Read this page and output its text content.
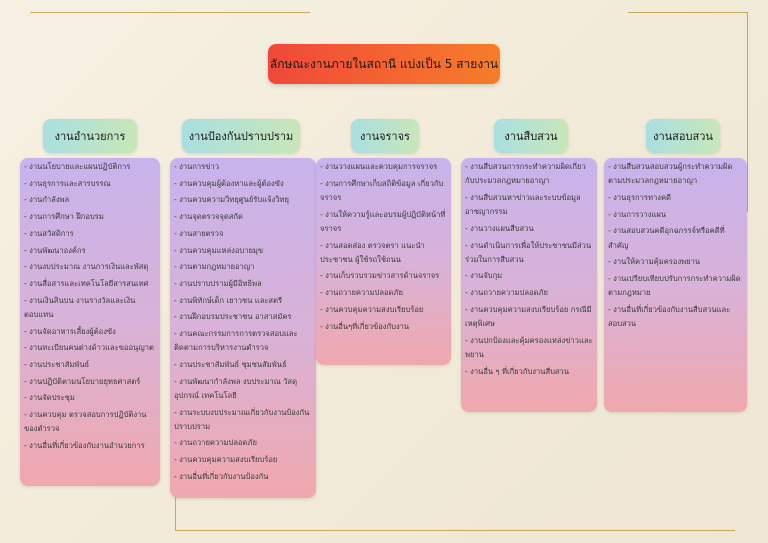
ลักษณะงานภายในสถานี แบ่งเป็น 5 สายงาน
งานอำนวยการ	งานป้องกันปราบปราม	งานจราจร	งานสืบสวน	งานสอบสวน
- งานนโยบายและแผนปฏิบัติการ
- งานธุรการและสารบรรณ
- งานกำลังพล
- งานการศึกษา ฝึกอบรม
- งานสวัสดิการ
- งานพัฒนาองค์กร
- งานงบประมาณ งานการเงินและพัสดุ
- งานสื่อสารและเทคโนโลยีสารสนเทศ
- งานเงินสินบน งานรางวัลและเงินตอบแทน
- งานจัดอาหารเลี้ยงผู้ต้องขัง
- งานทะเบียนคนต่างด้าวและขออนุญาต
- งานประชาสัมพันธ์
- งานปฏิบัติตามนโยบายยุทธศาสตร์
- งานจัดประชุม
- งานควบคุม ตรวจสอบการปฏิบัติงานของตำรวจ
- งานอื่นที่เกี่ยวข้องกับงานอำนวยการ
- งานการข่าว
- งานควบคุมผู้ต้องหาและผู้ต้องขัง
- งานควบความวิทยุศูนย์รับแจ้งวิทยุ
- งานจุดตรวจจุดสกัด
- งานสายตรวจ
- งานควบคุมแหล่งอบายมุข
- งานตามกฎหมายอาญา
- งานปราบปรามผู้มีอิทธิพล
- งานพิทักษ์เด็ก เยาวชน และสตรี
- งานฝึกอบรมประชาชน อาสาสมัคร
- งานคณะกรรมการการตรวจสอบและติดตามการบริหารงานตำรวจ
- งานประชาสัมพันธ์ ชุมชนสัมพันธ์
- งานพัฒนากำลังพล งบประมาณ วัสดุอุปกรณ์ เทคโนโลยี
- งานระบบงบประมาณเกี่ยวกับงานป้องกันปราบปราม
- งานถวายความปลอดภัย
- งานควบคุมความสงบเรียบร้อย
- งานอื่นที่เกี่ยวกับงานป้องกัน
- งานวางแผนและควบคุมการจราจร
- งานการศึกษาเก็บสถิติข้อมูล เกี่ยวกับจราจร
- งานให้ความรู้และอบรมผู้ปฏิบัติหน้าที่จราจร
- งานสอดส่อง ตรวจตรา แนะนำประชาชน ผู้ใช้รถใช้ถนน
- งานเก็บรวบรวมข่าวสารด้านจราจร
- งานถวายความปลอดภัย
- งานควบคุมความสงบเรียบร้อย
- งานอื่นๆที่เกี่ยวข้องกับงาน
- งานสืบสวนการกระทำความผิดเกี่ยวกับประมวลกฎหมายอาญา
- งานสืบสวนหาข่าวและระบบข้อมูลอาชญากรรม
- งานวางแผนสืบสวน
- งานดำเนินการเพื่อให้ประชาชนมีส่วนร่วมในการสืบสวน
- งานจับกุม
- งานถวายความปลอดภัย
- งานควบคุมความสงบเรียบร้อย กรณีมีเหตุพิเศษ
- งานปกป้องและคุ้มครองแหล่งข่าวและพยาน
- งานอื่น ๆ ที่เกี่ยวกับงานสืบสวน
- งานสืบสวนสอบสวนผู้กระทำความผิดตามประมวลกฎหมายอาญา
- งานธุรการทางคดี
- งานการวางแผน
- งานสอบสวนคดีอุกฉกรรจ์หรือคดีที่สำคัญ
- งานให้ความคุ้มครองพยาน
- งานเปรียบเทียบปรับการกระทำความผิดตามกฎหมาย
- งานอื่นที่เกี่ยวข้องกับงานสืบสวนและสอบสวน
